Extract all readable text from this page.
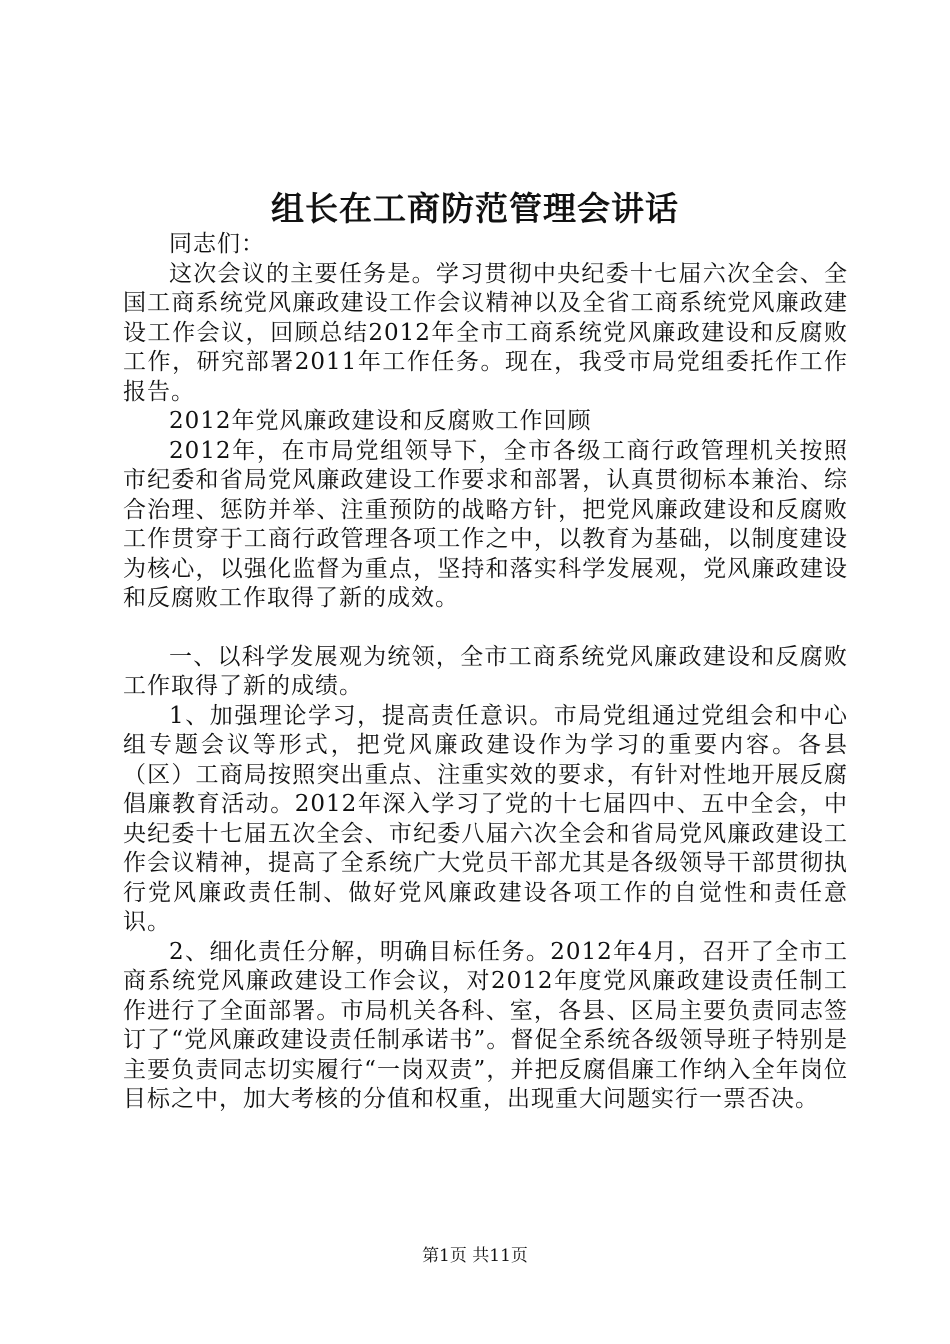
组长在工商防范管理会讲话

同志们：

这次会议的主要任务是。学习贯彻中央纪委十七届六次全会、全国工商系统党风廉政建设工作会议精神以及全省工商系统党风廉政建设工作会议，回顾总结2012年全市工商系统党风廉政建设和反腐败工作，研究部署2011年工作任务。现在，我受市局党组委托作工作报告。

2012年党风廉政建设和反腐败工作回顾

2012年，在市局党组领导下，全市各级工商行政管理机关按照市纪委和省局党风廉政建设工作要求和部署，认真贯彻标本兼治、综合治理、惩防并举、注重预防的战略方针，把党风廉政建设和反腐败工作贯穿于工商行政管理各项工作之中，以教育为基础，以制度建设为核心，以强化监督为重点，坚持和落实科学发展观，党风廉政建设和反腐败工作取得了新的成效。

一、以科学发展观为统领，全市工商系统党风廉政建设和反腐败工作取得了新的成绩。

1、加强理论学习，提高责任意识。市局党组通过党组会和中心组专题会议等形式，把党风廉政建设作为学习的重要内容。各县（区）工商局按照突出重点、注重实效的要求，有针对性地开展反腐倡廉教育活动。2012年深入学习了党的十七届四中、五中全会，中央纪委十七届五次全会、市纪委八届六次全会和省局党风廉政建设工作会议精神，提高了全系统广大党员干部尤其是各级领导干部贯彻执行党风廉政责任制、做好党风廉政建设各项工作的自觉性和责任意识。

2、细化责任分解，明确目标任务。2012年4月，召开了全市工商系统党风廉政建设工作会议，对2012年度党风廉政建设责任制工作进行了全面部署。市局机关各科、室，各县、区局主要负责同志签订了“党风廉政建设责任制承诺书”。督促全系统各级领导班子特别是主要负责同志切实履行“一岗双责”，并把反腐倡廉工作纳入全年岗位目标之中，加大考核的分值和权重，出现重大问题实行一票否决。

第1页 共11页
